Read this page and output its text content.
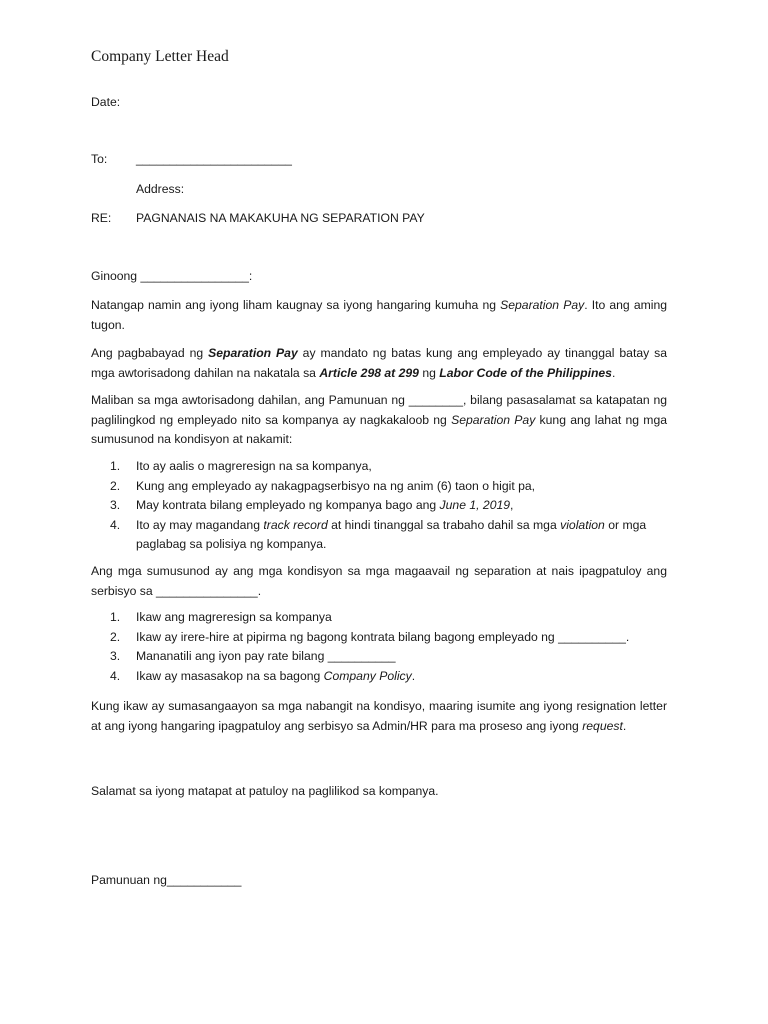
Company Letter Head
Date:
To: _______________________
Address:
RE: PAGNANAIS NA MAKAKUHA NG SEPARATION PAY
Ginoong ________________:
Natangap namin ang iyong liham kaugnay sa iyong hangaring kumuha ng Separation Pay. Ito ang aming tugon.
Ang pagbabayad ng Separation Pay ay mandato ng batas kung ang empleyado ay tinanggal batay sa mga awtorisadong dahilan na nakatala sa Article 298 at 299 ng Labor Code of the Philippines.
Maliban sa mga awtorisadong dahilan, ang Pamunuan ng ________, bilang pasasalamat sa katapatan ng paglilingkod ng empleyado nito sa kompanya ay nagkakaloob ng Separation Pay kung ang lahat ng mga sumusunod na kondisyon at nakamit:
1. Ito ay aalis o magreresign na sa kompanya,
2. Kung ang empleyado ay nakagpagserbisyo na ng anim (6) taon o higit pa,
3. May kontrata bilang empleyado ng kompanya bago ang June 1, 2019,
4. Ito ay may magandang track record at hindi tinanggal sa trabaho dahil sa mga violation or mga paglabag sa polisiya ng kompanya.
Ang mga sumusunod ay ang mga kondisyon sa mga magaavail ng separation at nais ipagpatuloy ang serbisyo sa _______________.
1. Ikaw ang magreresign sa kompanya
2. Ikaw ay irere-hire at pipirma ng bagong kontrata bilang bagong empleyado ng __________.
3. Mananatili ang iyon pay rate bilang __________
4. Ikaw ay masasakop na sa bagong Company Policy.
Kung ikaw ay sumasangaayon sa mga nabangit na kondisyo, maaring isumite ang iyong resignation letter at ang iyong hangaring ipagpatuloy ang serbisyo sa Admin/HR para ma proseso ang iyong request.
Salamat sa iyong matapat at patuloy na paglilikod sa kompanya.
Pamunuan ng___________
